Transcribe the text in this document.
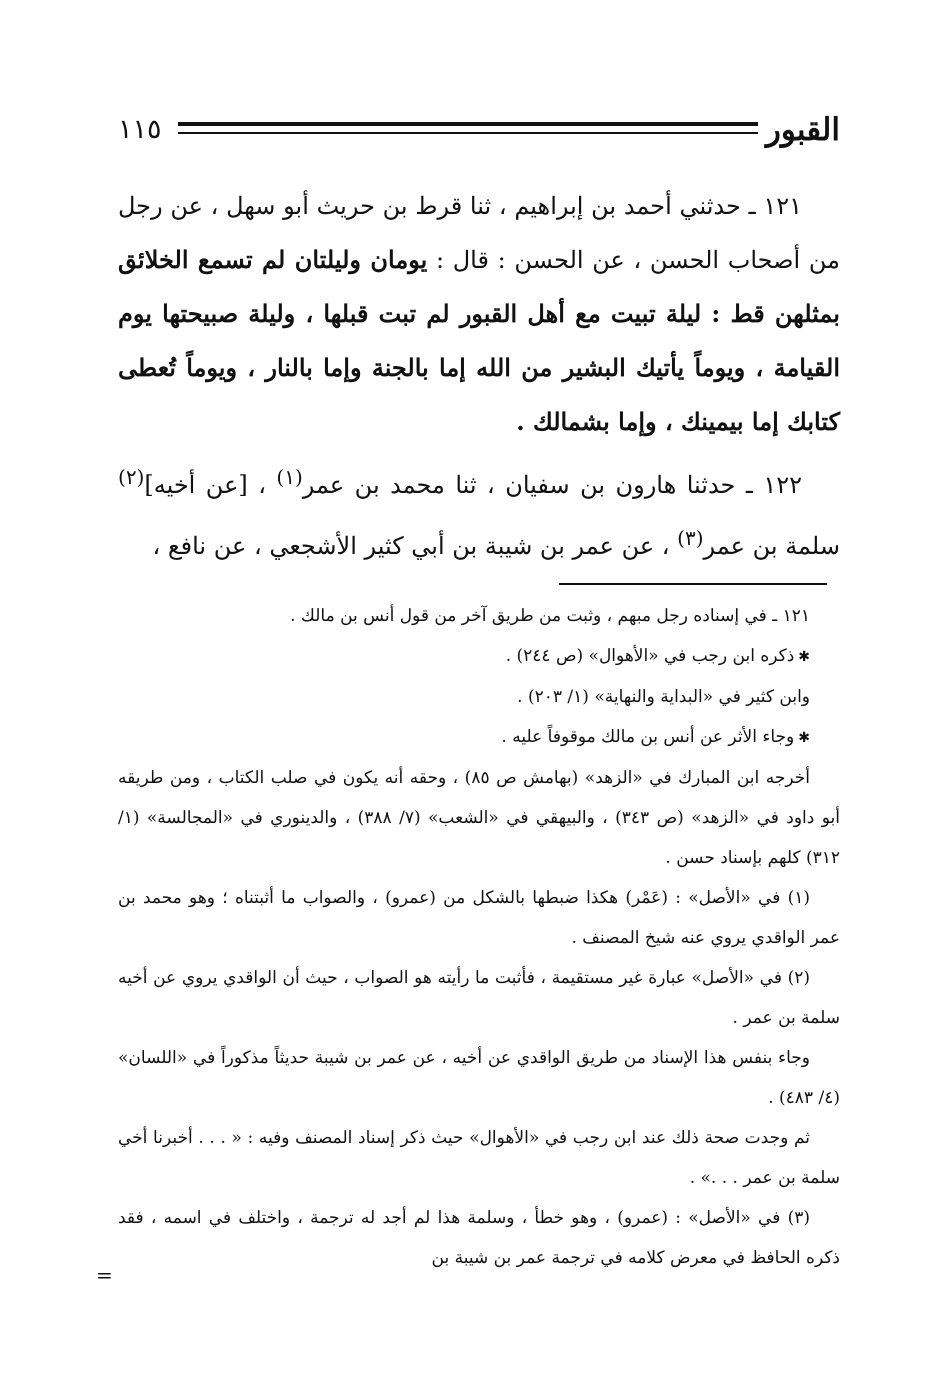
القبور
١١٥

١٢١ ـ حدثني أحمد بن إبراهيم ، ثنا قرط بن حريث أبو سهل ، عن رجل من أصحاب الحسن ، عن الحسن : قال : يومان وليلتان لم تسمع الخلائق بمثلهن قط : ليلة تبيت مع أهل القبور لم تبت قبلها ، وليلة صبيحتها يوم القيامة ، ويوماً يأتيك البشير من الله إما بالجنة وإما بالنار ، ويوماً تُعطى كتابك إما بيمينك ، وإما بشمالك .

١٢٢ ـ حدثنا هارون بن سفيان ، ثنا محمد بن عمر$^{(١)}$ ، [عن أخيه]$^{(٢)}$ سلمة بن عمر$^{(٣)}$ ، عن عمر بن شيبة بن أبي كثير الأشجعي ، عن نافع ،

١٢١ ـ في إسناده رجل مبهم ، وثبت من طريق آخر من قول أنس بن مالك .

✱ذكره ابن رجب في «الأهوال» (ص ٢٤٤) .

وابن كثير في «البداية والنهاية» (١/ ٢٠٣) .

✱وجاء الأثر عن أنس بن مالك موقوفاً عليه .

أخرجه ابن المبارك في «الزهد» (بهامش ص ٨٥) ، وحقه أنه يكون في صلب الكتاب ، ومن طريقه أبو داود في «الزهد» (ص ٣٤٣) ، والبيهقي في «الشعب» (٧/ ٣٨٨) ، والدينوري في «المجالسة» (١/ ٣١٢) كلهم بإسناد حسن .

(١) في «الأصل» : (عَمْر) هكذا ضبطها بالشكل من (عمرو) ، والصواب ما أثبتناه ؛ وهو محمد بن عمر الواقدي يروي عنه شيخ المصنف .

(٢) في «الأصل» عبارة غير مستقيمة ، فأثبت ما رأيته هو الصواب ، حيث أن الواقدي يروي عن أخيه سلمة بن عمر .

وجاء بنفس هذا الإسناد من طريق الواقدي عن أخيه ، عن عمر بن شيبة حديثاً مذكوراً في «اللسان» (٤/ ٤٨٣) .

ثم وجدت صحة ذلك عند ابن رجب في «الأهوال» حيث ذكر إسناد المصنف وفيه : « . . . أخبرنا أخي سلمة بن عمر . . .» .

(٣) في «الأصل» : (عمرو) ، وهو خطأ ، وسلمة هذا لم أجد له ترجمة ، واختلف في اسمه ، فقد ذكره الحافظ في معرض كلامه في ترجمة عمر بن شيبة بن

=
